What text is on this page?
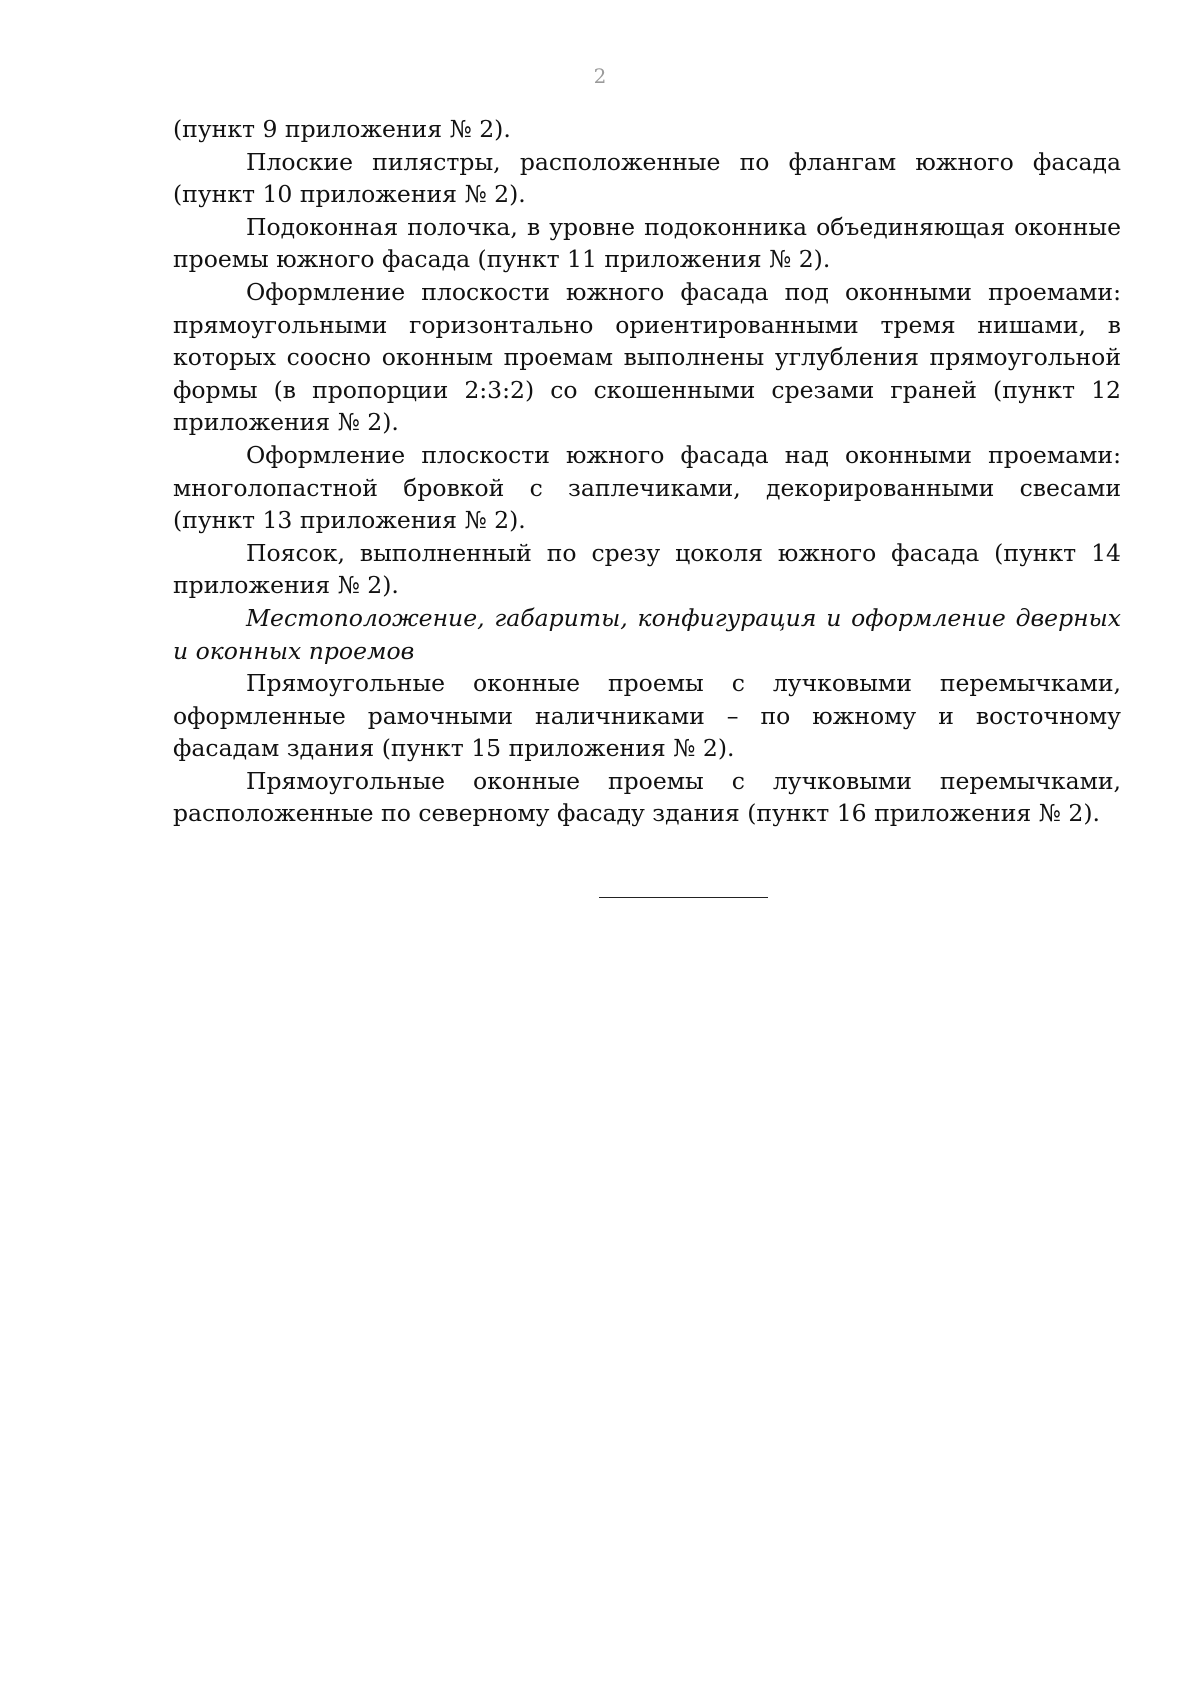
2

(пункт 9 приложения № 2).

Плоские пилястры, расположенные по флангам южного фасада (пункт 10 приложения № 2).

Подоконная полочка, в уровне подоконника объединяющая оконные проемы южного фасада (пункт 11 приложения № 2).

Оформление плоскости южного фасада под оконными проемами: прямоугольными горизонтально ориентированными тремя нишами, в которых соосно оконным проемам выполнены углубления прямоугольной формы (в пропорции 2:3:2) со скошенными срезами граней (пункт 12 приложения № 2).

Оформление плоскости южного фасада над оконными проемами: многолопастной бровкой с заплечиками, декорированными свесами (пункт 13 приложения № 2).

Поясок, выполненный по срезу цоколя южного фасада (пункт 14 приложения № 2).

Местоположение, габариты, конфигурация и оформление дверных и оконных проемов

Прямоугольные оконные проемы с лучковыми перемычками, оформленные рамочными наличниками – по южному и восточному фасадам здания (пункт 15 приложения № 2).

Прямоугольные оконные проемы с лучковыми перемычками, расположенные по северному фасаду здания (пункт 16 приложения № 2).
